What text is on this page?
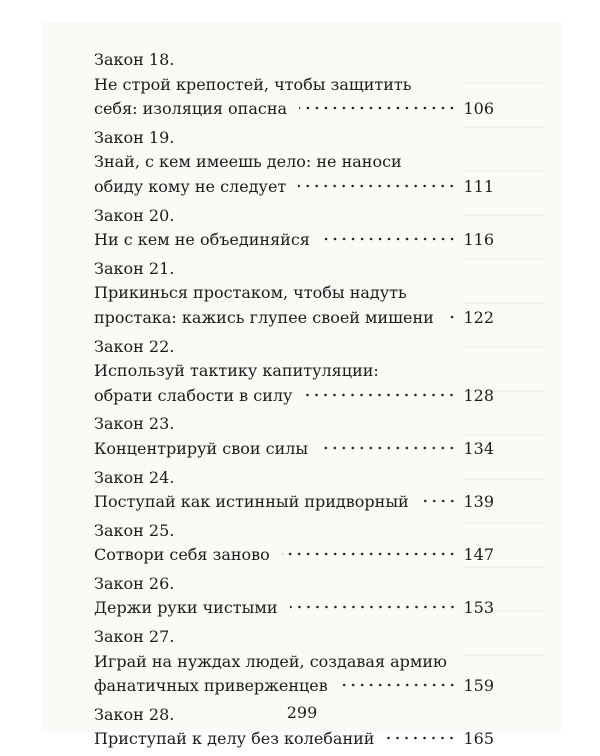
Закон 18.
Не строй крепостей, чтобы защитить
себя: изоляция опасна	106
Закон 19.
Знай, с кем имеешь дело: не наноси
обиду кому не следует	111
Закон 20.
Ни с кем не объединяйся	116
Закон 21.
Прикинься простаком, чтобы надуть
простака: кажись глупее своей мишени 122
Закон 22.
Используй тактику капитуляции:
обрати слабости в силу	128
Закон 23.
Концентрируй свои силы	134
Закон 24.
Поступай как истинный придворный	139
Закон 25.
Сотвори себя заново	147
Закон 26.
Держи руки чистыми	153
Закон 27.
Играй на нуждах людей, создавая армию
фанатичных приверженцев	159
Закон 28.
Приступай к делу без колебаний	165
299
